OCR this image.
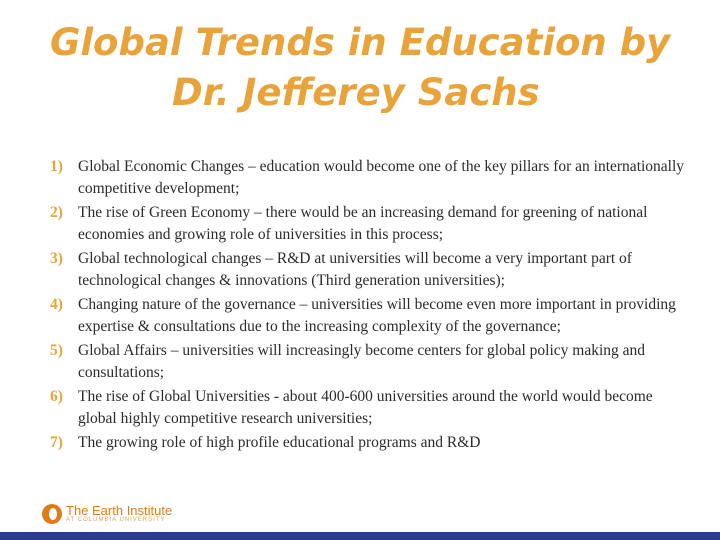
Global Trends in Education by
Dr. Jefferey Sachs
1) Global Economic Changes – education would become one of the key pillars for an internationally competitive development;
2) The rise of Green Economy – there would be an increasing demand for greening of national economies and growing role of universities in this process;
3) Global technological changes – R&D at universities will become a very important part of technological changes & innovations (Third generation universities);
4) Changing nature of the governance – universities will become even more important in providing expertise & consultations due to the increasing complexity of the governance;
5) Global Affairs – universities will increasingly become centers for global policy making and consultations;
6) The rise of Global Universities - about 400-600 universities around the world would become global highly competitive research universities;
7) The growing role of high profile educational programs and R&D
The Earth Institute
AT COLUMBIA UNIVERSITY
